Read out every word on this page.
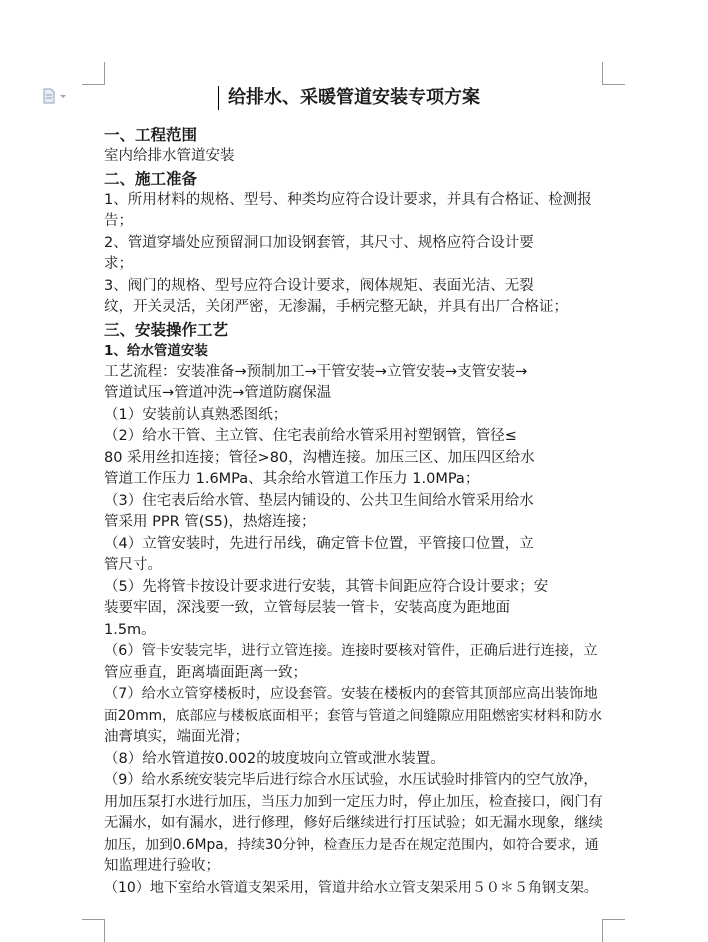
给排水、采暖管道安装专项方案
一、工程范围
室内给排水管道安装
二、施工准备
1、所用材料的规格、型号、种类均应符合设计要求，并具有合格证、检测报
告；
2、管道穿墙处应预留洞口加设钢套管，其尺寸、规格应符合设计要
求；
3、阀门的规格、型号应符合设计要求，阀体规矩、表面光洁、无裂
纹，开关灵活，关闭严密，无渗漏，手柄完整无缺，并具有出厂合格证；
三、安装操作工艺
1、给水管道安装
工艺流程：安装准备→预制加工→干管安装→立管安装→支管安装→
管道试压→管道冲洗→管道防腐保温
（1）安装前认真熟悉图纸；
（2）给水干管、主立管、住宅表前给水管采用衬塑钢管，管径≤
80 采用丝扣连接；管径>80，沟槽连接。加压三区、加压四区给水
管道工作压力 1.6MPa、其余给水管道工作压力 1.0MPa；
（3）住宅表后给水管、垫层内铺设的、公共卫生间给水管采用给水
管采用 PPR 管(S5)，热熔连接；
（4）立管安装时，先进行吊线，确定管卡位置，平管接口位置，立
管尺寸。
（5）先将管卡按设计要求进行安装，其管卡间距应符合设计要求；安
装要牢固，深浅要一致，立管每层装一管卡，安装高度为距地面
1.5m。
（6）管卡安装完毕，进行立管连接。连接时要核对管件，正确后进行连接，立
管应垂直，距离墙面距离一致；
（7）给水立管穿楼板时，应设套管。安装在楼板内的套管其顶部应高出装饰地
面20mm，底部应与楼板底面相平；套管与管道之间缝隙应用阻燃密实材料和防水
油膏填实，端面光滑；
（8）给水管道按0.002的坡度坡向立管或泄水装置。
（9）给水系统安装完毕后进行综合水压试验，水压试验时排管内的空气放净，
用加压泵打水进行加压，当压力加到一定压力时，停止加压，检查接口，阀门有
无漏水，如有漏水，进行修理，修好后继续进行打压试验；如无漏水现象，继续
加压，加到0.6Mpa，持续30分钟，检查压力是否在规定范围内，如符合要求，通
知监理进行验收；
（10）地下室给水管道支架采用，管道井给水立管支架采用５０＊５角钢支架。
